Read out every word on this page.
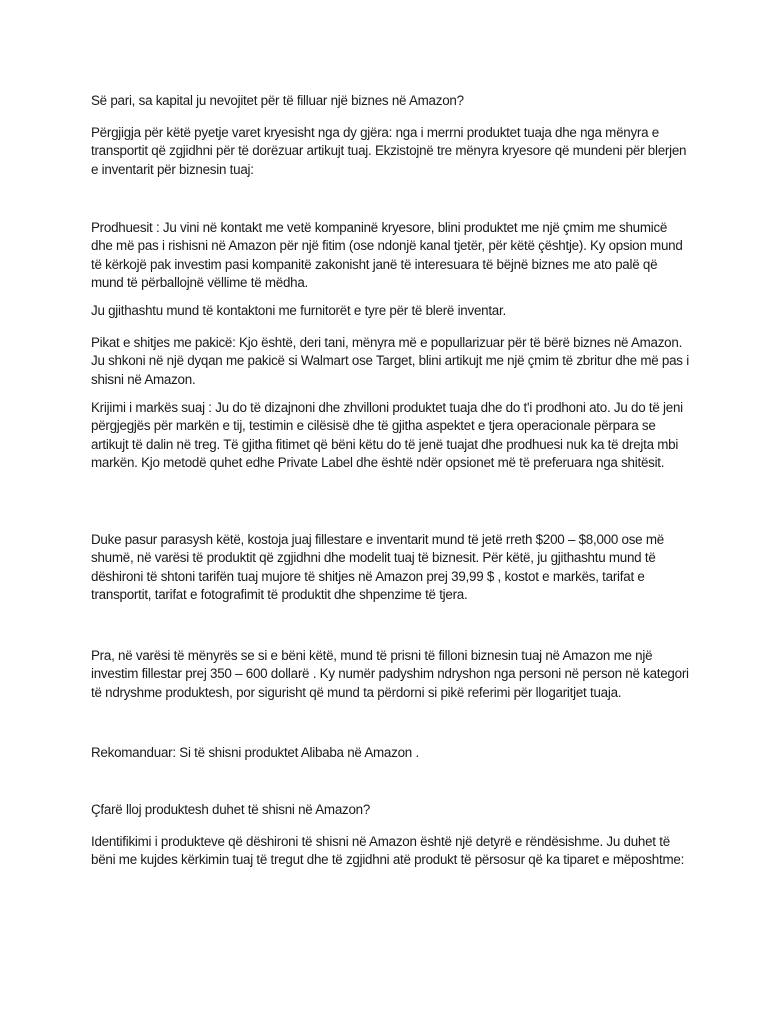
Së pari, sa kapital ju nevojitet për të filluar një biznes në Amazon?

Përgjigja për këtë pyetje varet kryesisht nga dy gjëra: nga i merrni produktet tuaja dhe nga mënyra e transportit që zgjidhni për të dorëzuar artikujt tuaj. Ekzistojnë tre mënyra kryesore që mundeni për blerjen e inventarit për biznesin tuaj:

Prodhuesit : Ju vini në kontakt me vetë kompaninë kryesore, blini produktet me një çmim me shumicë dhe më pas i rishisni në Amazon për një fitim (ose ndonjë kanal tjetër, për këtë çështje). Ky opsion mund të kërkojë pak investim pasi kompanitë zakonisht janë të interesuara të bëjnë biznes me ato palë që mund të përballojnë vëllime të mëdha.

Ju gjithashtu mund të kontaktoni me furnitorët e tyre për të blerë inventar.

Pikat e shitjes me pakicë: Kjo është, deri tani, mënyra më e popullarizuar për të bërë biznes në Amazon. Ju shkoni në një dyqan me pakicë si Walmart ose Target, blini artikujt me një çmim të zbritur dhe më pas i shisni në Amazon.

Krijimi i markës suaj : Ju do të dizajnoni dhe zhvilloni produktet tuaja dhe do t'i prodhoni ato. Ju do të jeni përgjegjës për markën e tij, testimin e cilësisë dhe të gjitha aspektet e tjera operacionale përpara se artikujt të dalin në treg. Të gjitha fitimet që bëni këtu do të jenë tuajat dhe prodhuesi nuk ka të drejta mbi markën. Kjo metodë quhet edhe Private Label dhe është ndër opsionet më të preferuara nga shitësit.

Duke pasur parasysh këtë, kostoja juaj fillestare e inventarit mund të jetë rreth $200 – $8,000 ose më shumë, në varësi të produktit që zgjidhni dhe modelit tuaj të biznesit. Për këtë, ju gjithashtu mund të dëshironi të shtoni tarifën tuaj mujore të shitjes në Amazon prej 39,99 $ , kostot e markës, tarifat e transportit, tarifat e fotografimit të produktit dhe shpenzime të tjera.

Pra, në varësi të mënyrës se si e bëni këtë, mund të prisni të filloni biznesin tuaj në Amazon me një investim fillestar prej 350 – 600 dollarë . Ky numër padyshim ndryshon nga personi në person në kategori të ndryshme produktesh, por sigurisht që mund ta përdorni si pikë referimi për llogaritjet tuaja.

Rekomanduar: Si të shisni produktet Alibaba në Amazon .

Çfarë lloj produktesh duhet të shisni në Amazon?

Identifikimi i produkteve që dëshironi të shisni në Amazon është një detyrë e rëndësishme. Ju duhet të bëni me kujdes kërkimin tuaj të tregut dhe të zgjidhni atë produkt të përsosur që ka tiparet e mëposhtme:
